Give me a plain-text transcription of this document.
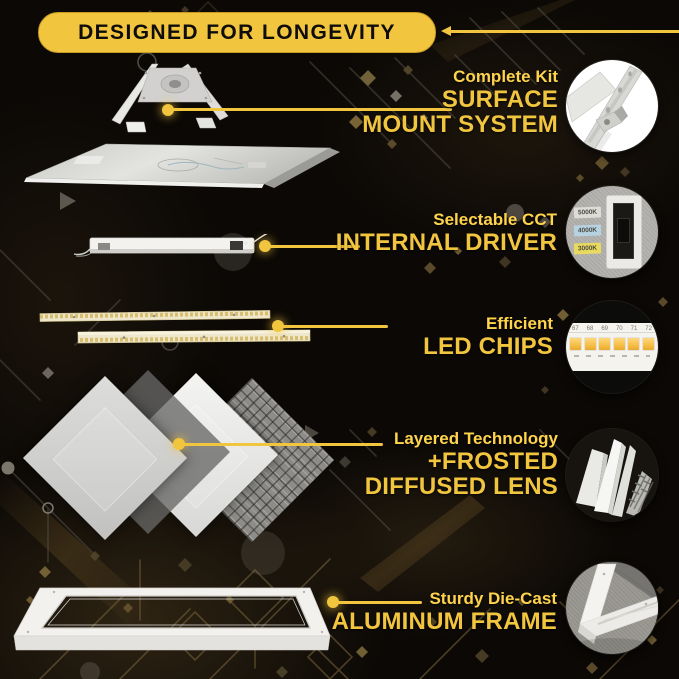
DESIGNED FOR LONGEVITY
Complete Kit
SURFACE
MOUNT SYSTEM
Selectable CCT
INTERNAL DRIVER
5000K
4000K
3000K
Efficient
LED CHIPS
67 68 69 70 71 72
Layered Technology
+FROSTED
DIFFUSED LENS
Sturdy Die-Cast
ALUMINUM FRAME
